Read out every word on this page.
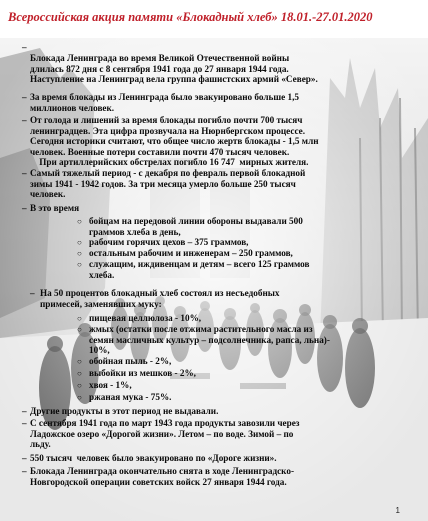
Всероссийская акция памяти «Блокадный хлеб» 18.01.-27.01.2020
–
Блокада Ленинграда во время Великой Отечественной войны
длилась 872 дня с 8 сентября 1941 года до 27 января 1944 года.
Наступление на Ленинград вела группа фашистских армий «Север».
– За время блокады из Ленинграда было эвакуировано больше 1,5
миллионов человек.
– От голода и лишений за время блокады погибло почти 700 тысяч
ленинградцев. Эта цифра прозвучала на Нюрнбергском процессе.
Сегодня историки считают, что общее число жертв блокады - 1,5 млн
человек. Военные потери составили почти 470 тысяч человек.
При артиллерийских обстрелах погибло 16 747  мирных жителя.
– Самый тяжелый период - с декабря по февраль первой блокадной
зимы 1941 - 1942 годов. За три месяца умерло больше 250 тысяч
человек.
– В это время
○ бойцам на передовой линии обороны выдавали 500
граммов хлеба в день,
○ рабочим горячих цехов – 375 граммов,
○ остальным рабочим и инженерам – 250 граммов,
○ служащим, иждивенцам и детям – всего 125 граммов
хлеба.
– На 50 процентов блокадный хлеб состоял из несъедобных
примесей, заменявших муку:
○ пищевая целлюлоза - 10%,
○ жмых (остатки после отжима растительного масла из
семян масличных культур – подсолнечника, рапса, льна)-
10%,
○ обойная пыль - 2%,
○ выбойки из мешков - 2%,
○ хвоя - 1%,
○ ржаная мука - 75%.
– Другие продукты в этот период не выдавали.
– С сентября 1941 года по март 1943 года продукты завозили через
Ладожское озеро «Дорогой жизни». Летом – по воде. Зимой – по
льду.
– 550 тысяч  человек было эвакуировано по «Дороге жизни».
– Блокада Ленинграда окончательно снята в ходе Ленинградско-
Новгородской операции советских войск 27 января 1944 года.
1
